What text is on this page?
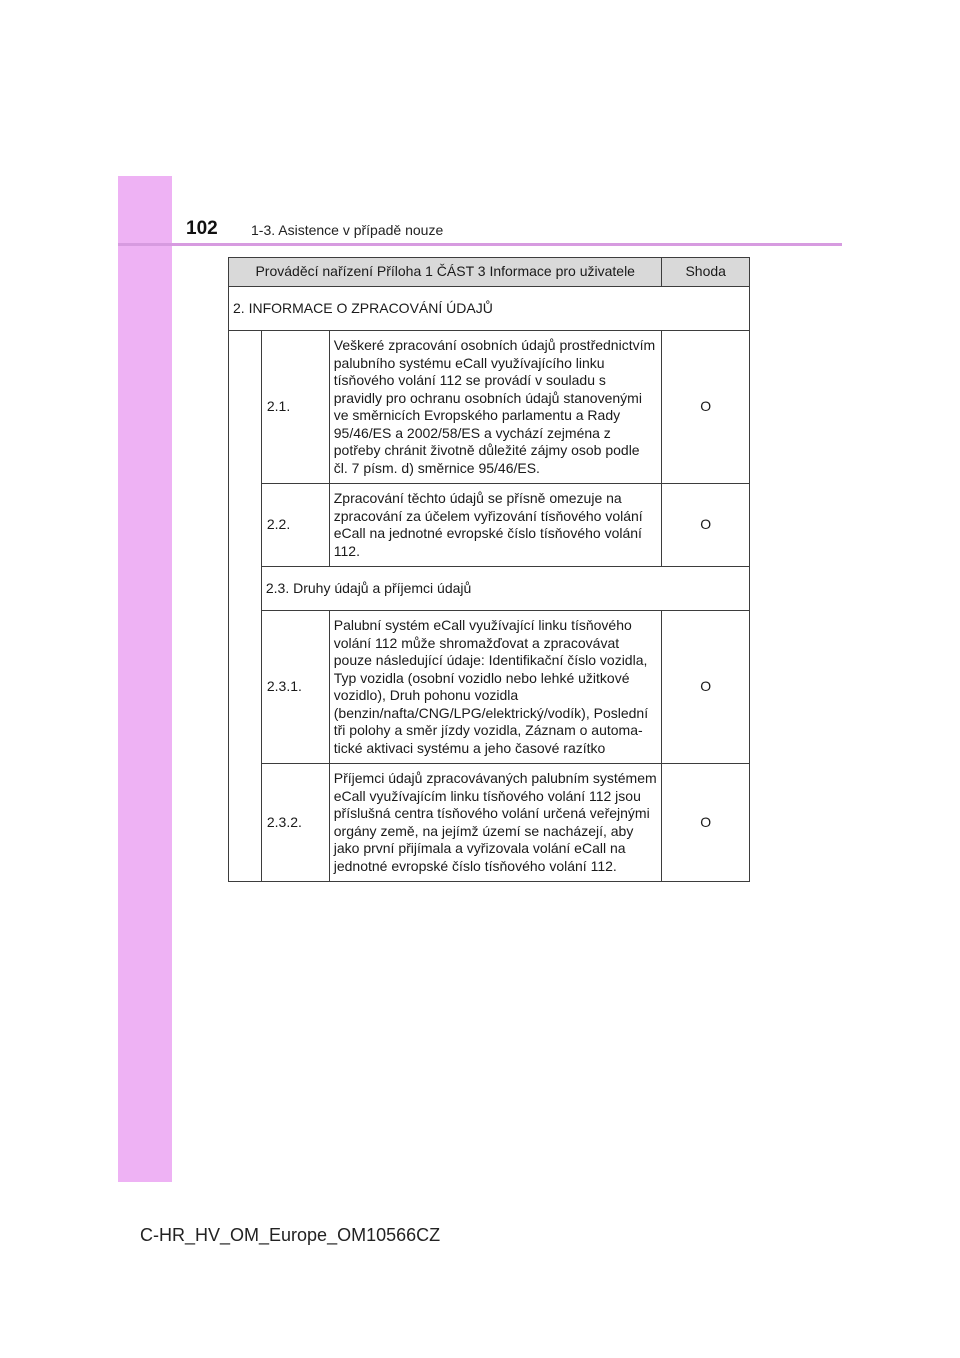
102 1-3. Asistence v případě nouze
Prováděcí nařízení Příloha 1 ČÁST 3 Informace pro uživatele			Shoda
2. INFORMACE O ZPRACOVÁNÍ ÚDAJŮ			
	2.1.	Veškeré zpracování osobních údajů prostřednictvím palubního systému eCall využívajícího linku tísňového volání 112 se provádí v souladu s pravidly pro ochranu osobních údajů stanovenými ve směrnicích Evropského parlamentu a Rady 95/46/ES a 2002/58/ES a vychází zejména z potřeby chránit životně důležité zájmy osob podle čl. 7 písm. d) směrnice 95/46/ES.	O
	2.2.	Zpracování těchto údajů se přísně omezuje na zpracování za účelem vyřizování tísňového volání eCall na jednotné evropské číslo tísňového volání 112.	O
	2.3. Druhy údajů a příjemci údajů		
	2.3.1.	Palubní systém eCall využívající linku tísňového volání 112 může shromažďovat a zpracovávat pouze následující údaje: Identifikační číslo vozidla, Typ vozidla (osobní vozidlo nebo lehké užitkové vozidlo), Druh pohonu vozidla (benzin/nafta/CNG/LPG/elektrický/vodík), Poslední tři polohy a směr jízdy vozidla, Záznam o automatické aktivaci systému a jeho časové razítko	O
	2.3.2.	Příjemci údajů zpracovávaných palubním systémem eCall využívajícím linku tísňového volání 112 jsou příslušná centra tísňového volání určená veřejnými orgány země, na jejímž území se nacházejí, aby jako první přijímala a vyřizovala volání eCall na jednotné evropské číslo tísňového volání 112.	O
C-HR_HV_OM_Europe_OM10566CZ
